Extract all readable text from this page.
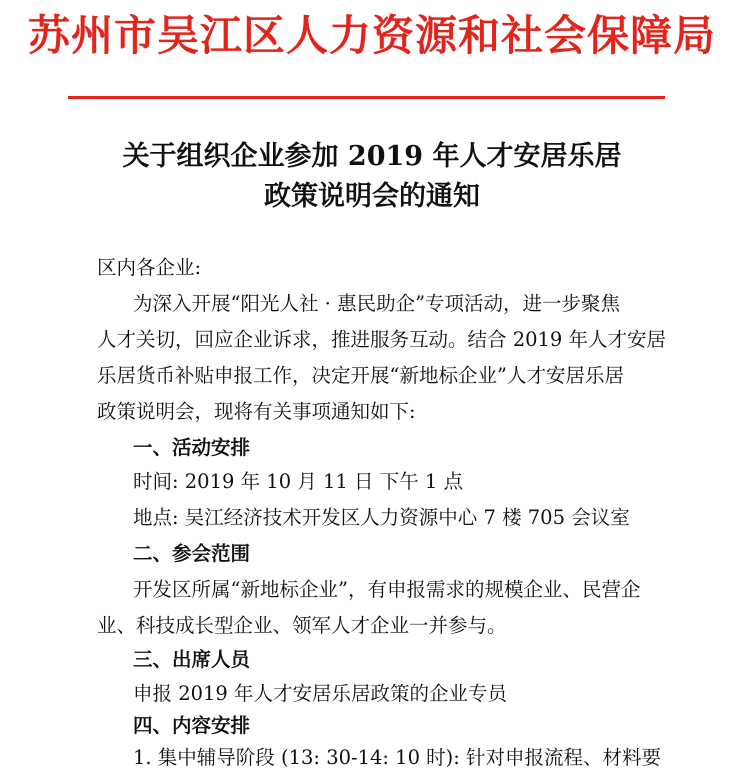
苏州市吴江区人力资源和社会保障局
关于组织企业参加 2019 年人才安居乐居
政策说明会的通知
区内各企业:
为深入开展“阳光人社 · 惠民助企”专项活动，进一步聚焦
人才关切，回应企业诉求，推进服务互动。结合 2019 年人才安居
乐居货币补贴申报工作，决定开展“新地标企业”人才安居乐居
政策说明会，现将有关事项通知如下:
一、活动安排
时间: 2019 年 10 月 11 日 下午 1 点
地点: 吴江经济技术开发区人力资源中心 7 楼 705 会议室
二、参会范围
开发区所属“新地标企业”，有申报需求的规模企业、民营企
业、科技成长型企业、领军人才企业一并参与。
三、出席人员
申报 2019 年人才安居乐居政策的企业专员
四、内容安排
1. 集中辅导阶段 (13: 30-14: 10 时): 针对申报流程、材料要
